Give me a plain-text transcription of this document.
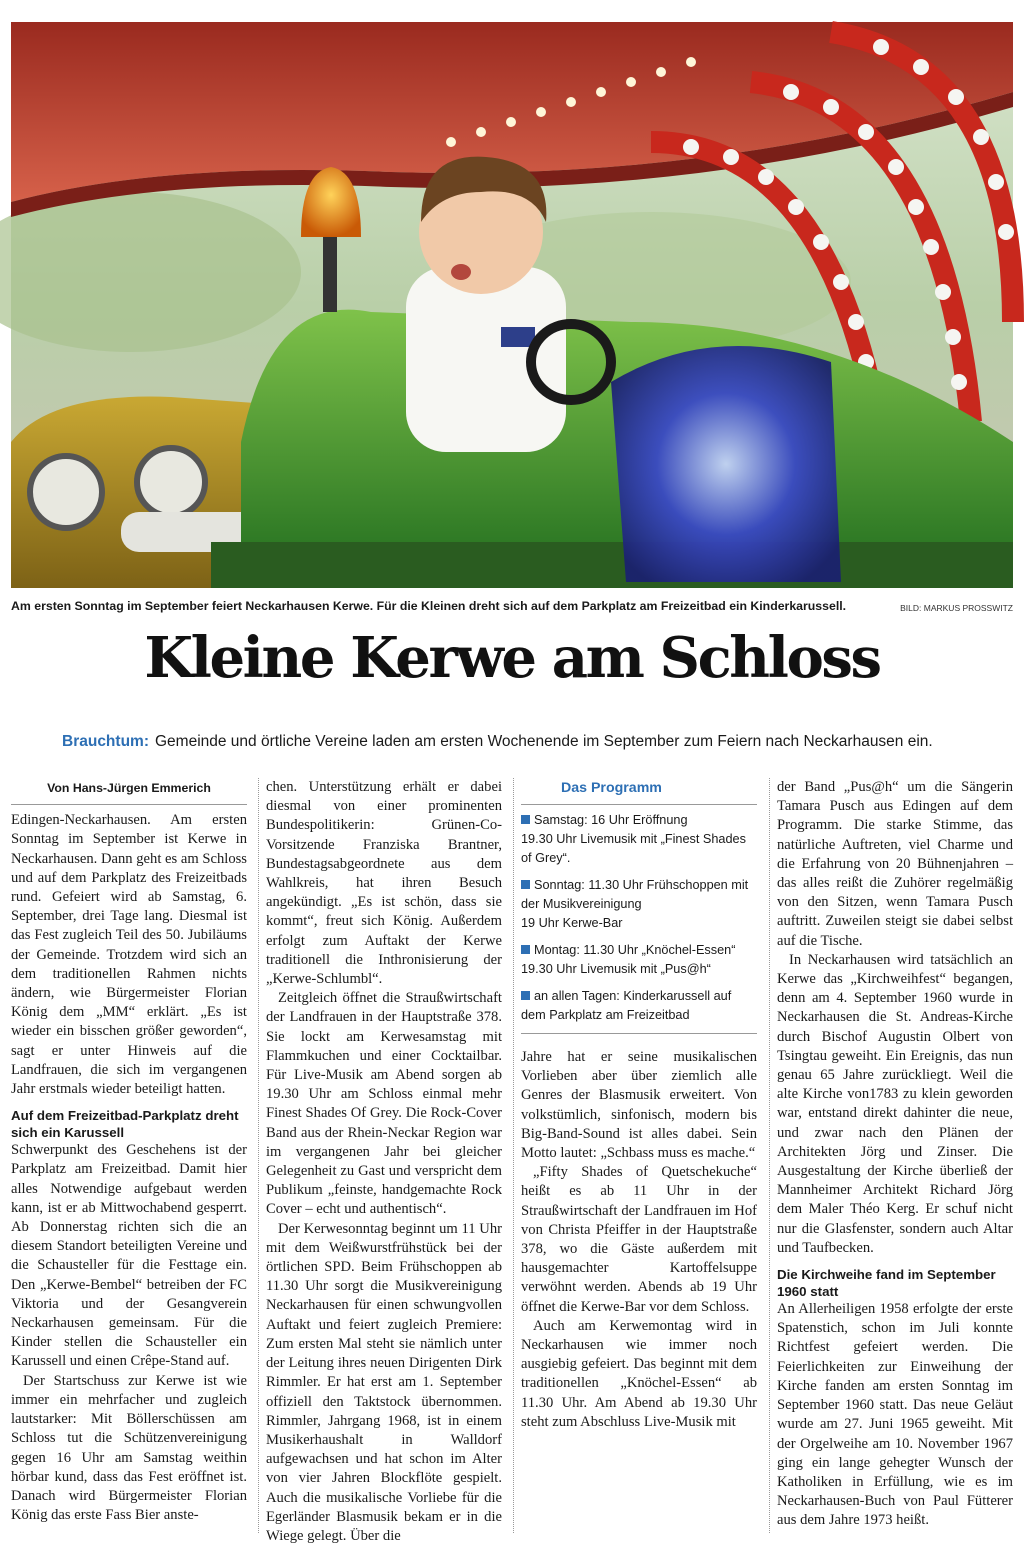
Am ersten Sonntag im September feiert Neckarhausen Kerwe. Für die Kleinen dreht sich auf dem Parkplatz am Freizeitbad ein Kinderkarussell.	BILD: MARKUS PROSSWITZ
Kleine Kerwe am Schloss
Brauchtum: Gemeinde und örtliche Vereine laden am ersten Wochenende im September zum Feiern nach Neckarhausen ein.
Von Hans-Jürgen Emmerich

Edingen-Neckarhausen. Am ersten Sonntag im September ist Kerwe in Neckarhausen. Dann geht es am Schloss und auf dem Parkplatz des Freizeitbads rund. Gefeiert wird ab Samstag, 6. September, drei Tage lang. Diesmal ist das Fest zugleich Teil des 50. Jubiläums der Gemeinde. Trotzdem wird sich an dem traditionellen Rahmen nichts ändern, wie Bürgermeister Florian König dem „MM“ erklärt. „Es ist wieder ein bisschen größer geworden“, sagt er unter Hinweis auf die Landfrauen, die sich im vergangenen Jahr erstmals wieder beteiligt hatten.

Auf dem Freizeitbad-Parkplatz dreht sich ein Karussell

Schwerpunkt des Geschehens ist der Parkplatz am Freizeitbad. Damit hier alles Notwendige aufgebaut werden kann, ist er ab Mittwochabend gesperrt. Ab Donnerstag richten sich die an diesem Standort beteiligten Vereine und die Schausteller für die Festtage ein. Den „Kerwe-Bembel“ betreiben der FC Viktoria und der Gesangverein Neckarhausen gemeinsam. Für die Kinder stellen die Schausteller ein Karussell und einen Crêpe-Stand auf.

Der Startschuss zur Kerwe ist wie immer ein mehrfacher und zugleich lautstarker: Mit Böllerschüssen am Schloss tut die Schützenvereinigung gegen 16 Uhr am Samstag weithin hörbar kund, dass das Fest eröffnet ist. Danach wird Bürgermeister Florian König das erste Fass Bier anste-

chen. Unterstützung erhält er dabei diesmal von einer prominenten Bundespolitikerin: Grünen-Co-Vorsitzende Franziska Brantner, Bundestagsabgeordnete aus dem Wahlkreis, hat ihren Besuch angekündigt. „Es ist schön, dass sie kommt“, freut sich König. Außerdem erfolgt zum Auftakt der Kerwe traditionell die Inthronisierung der „Kerwe-Schlumbl“.

Zeitgleich öffnet die Straußwirtschaft der Landfrauen in der Hauptstraße 378. Sie lockt am Kerwesamstag mit Flammkuchen und einer Cocktailbar. Für Live-Musik am Abend sorgen ab 19.30 Uhr am Schloss einmal mehr Finest Shades Of Grey. Die Rock-Cover Band aus der Rhein-Neckar Region war im vergangenen Jahr bei gleicher Gelegenheit zu Gast und verspricht dem Publikum „feinste, handgemachte Rock Cover – echt und authentisch“.

Der Kerwesonntag beginnt um 11 Uhr mit dem Weißwurstfrühstück bei der örtlichen SPD. Beim Frühschoppen ab 11.30 Uhr sorgt die Musikvereinigung Neckarhausen für einen schwungvollen Auftakt und feiert zugleich Premiere: Zum ersten Mal steht sie nämlich unter der Leitung ihres neuen Dirigenten Dirk Rimmler. Er hat erst am 1. September offiziell den Taktstock übernommen. Rimmler, Jahrgang 1968, ist in einem Musikerhaushalt in Walldorf aufgewachsen und hat schon im Alter von vier Jahren Blockflöte gespielt. Auch die musikalische Vorliebe für die Egerländer Blasmusik bekam er in die Wiege gelegt. Über die

Das Programm
Samstag: 16 Uhr Eröffnung
19.30 Uhr Livemusik mit „Finest Shades of Grey“.
Sonntag: 11.30 Uhr Frühschoppen mit der Musikvereinigung
19 Uhr Kerwe-Bar
Montag: 11.30 Uhr „Knöchel-Essen“
19.30 Uhr Livemusik mit „Pus@h“
an allen Tagen: Kinderkarussell auf dem Parkplatz am Freizeitbad

Jahre hat er seine musikalischen Vorlieben aber über ziemlich alle Genres der Blasmusik erweitert. Von volkstümlich, sinfonisch, modern bis Big-Band-Sound ist alles dabei. Sein Motto lautet: „Schbass muss es mache.“

„Fifty Shades of Quetschekuche“ heißt es ab 11 Uhr in der Straußwirtschaft der Landfrauen im Hof von Christa Pfeiffer in der Hauptstraße 378, wo die Gäste außerdem mit hausgemachter Kartoffelsuppe verwöhnt werden. Abends ab 19 Uhr öffnet die Kerwe-Bar vor dem Schloss.

Auch am Kerwemontag wird in Neckarhausen wie immer noch ausgiebig gefeiert. Das beginnt mit dem traditionellen „Knöchel-Essen“ ab 11.30 Uhr. Am Abend ab 19.30 Uhr steht zum Abschluss Live-Musik mit

der Band „Pus@h“ um die Sängerin Tamara Pusch aus Edingen auf dem Programm. Die starke Stimme, das natürliche Auftreten, viel Charme und die Erfahrung von 20 Bühnenjahren – das alles reißt die Zuhörer regelmäßig von den Sitzen, wenn Tamara Pusch auftritt. Zuweilen steigt sie dabei selbst auf die Tische.

In Neckarhausen wird tatsächlich an Kerwe das „Kirchweihfest“ begangen, denn am 4. September 1960 wurde in Neckarhausen die St. Andreas-Kirche durch Bischof Augustin Olbert von Tsingtau geweiht. Ein Ereignis, das nun genau 65 Jahre zurückliegt. Weil die alte Kirche von1783 zu klein geworden war, entstand direkt dahinter die neue, und zwar nach den Plänen der Architekten Jörg und Zinser. Die Ausgestaltung der Kirche überließ der Mannheimer Architekt Richard Jörg dem Maler Théo Kerg. Er schuf nicht nur die Glasfenster, sondern auch Altar und Taufbecken.

Die Kirchweihe fand im September 1960 statt

An Allerheiligen 1958 erfolgte der erste Spatenstich, schon im Juli konnte Richtfest gefeiert werden. Die Feierlichkeiten zur Einweihung der Kirche fanden am ersten Sonntag im September 1960 statt. Das neue Geläut wurde am 27. Juni 1965 geweiht. Mit der Orgelweihe am 10. November 1967 ging ein lange gehegter Wunsch der Katholiken in Erfüllung, wie es im Neckarhausen-Buch von Paul Fütterer aus dem Jahre 1973 heißt.
